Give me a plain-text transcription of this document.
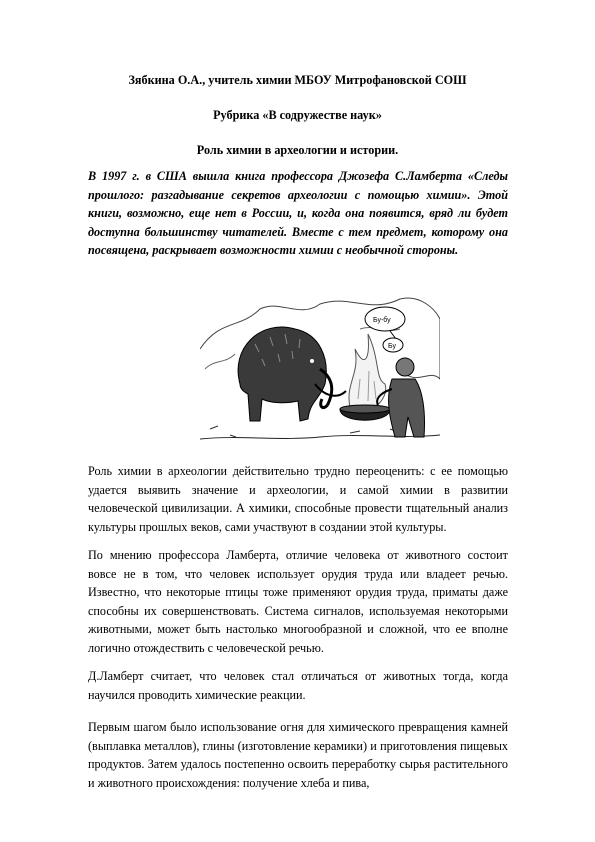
Зябкина О.А., учитель химии МБОУ Митрофановской СОШ
Рубрика «В содружестве наук»
Роль химии в археологии и истории.
В 1997 г. в США вышла книга профессора Джозефа С.Ламберта «Следы прошлого: разгадывание секретов археологии с помощью химии». Этой книги, возможно, еще нет в России, и, когда она появится, вряд ли будет доступна большинству читателей. Вместе с тем предмет, которому она посвящена, раскрывает возможности химии с необычной стороны.
Бу-бу
Бу
Роль химии в археологии действительно трудно переоценить: с ее помощью удается выявить значение и археологии, и самой химии в развитии человеческой цивилизации. А химики, способные провести тщательный анализ культуры прошлых веков, сами участвуют в создании этой культуры.
По мнению профессора Ламберта, отличие человека от животного состоит вовсе не в том, что человек использует орудия труда или владеет речью. Известно, что некоторые птицы тоже применяют орудия труда, приматы даже способны их совершенствовать. Система сигналов, используемая некоторыми животными, может быть настолько многообразной и сложной, что ее вполне логично отождествить с человеческой речью.
Д.Ламберт считает, что человек стал отличаться от животных тогда, когда научился проводить химические реакции.
Первым шагом было использование огня для химического превращения камней (выплавка металлов), глины (изготовление керамики) и приготовления пищевых продуктов. Затем удалось постепенно освоить переработку сырья растительного и животного происхождения: получение хлеба и пива,
